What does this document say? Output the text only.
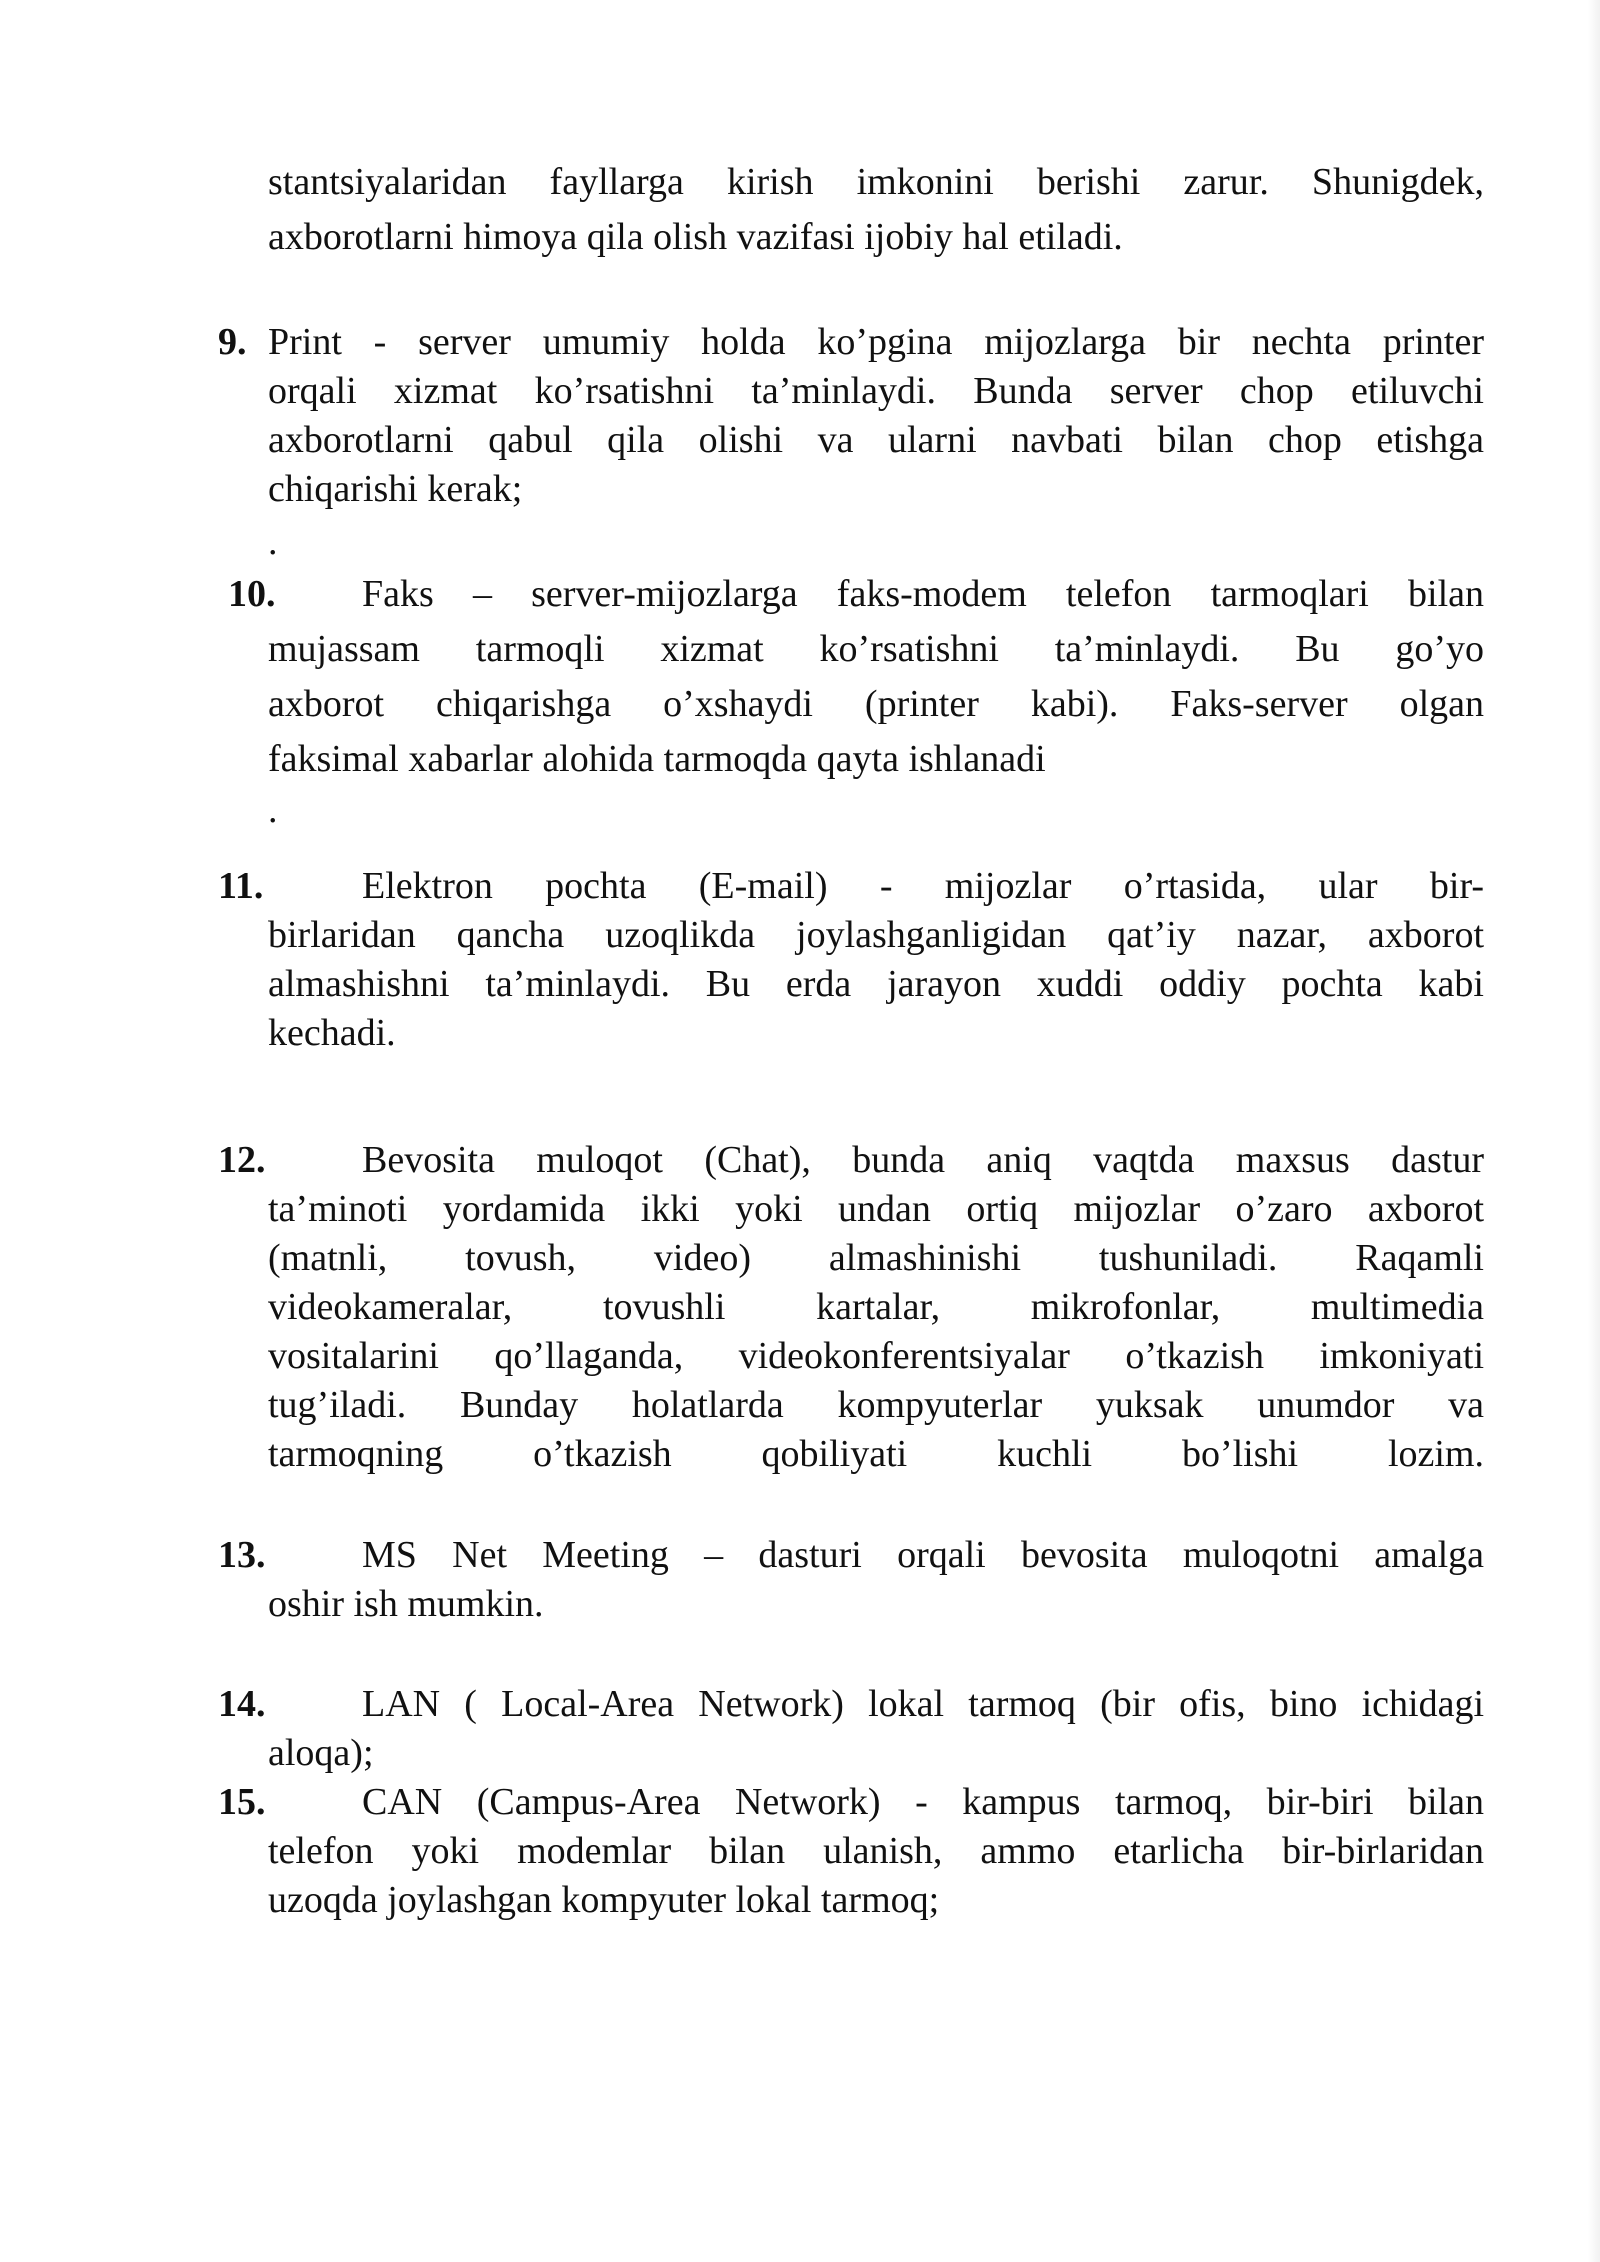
stantsiyalaridan fayllarga kirish imkonini berishi zarur. Shunigdek,
axborotlarni himoya qila olish vazifasi ijobiy hal etiladi.
9. Print - server umumiy holda ko’pgina mijozlarga bir nechta printer
orqali xizmat ko’rsatishni ta’minlaydi. Bunda server chop etiluvchi
axborotlarni qabul qila olishi va ularni navbati bilan chop etishga
chiqarishi kerak;
.
10. Faks – server-mijozlarga faks-modem telefon tarmoqlari bilan
mujassam tarmoqli xizmat ko’rsatishni ta’minlaydi. Bu go’yo
axborot chiqarishga o’xshaydi (printer kabi). Faks-server olgan
faksimal xabarlar alohida tarmoqda qayta ishlanadi
.
11.	Elektron pochta (E-mail) - mijozlar o’rtasida, ular bir-
birlaridan qancha uzoqlikda joylashganligidan qat’iy nazar, axborot
almashishni ta’minlaydi. Bu erda jarayon xuddi oddiy pochta kabi
kechadi.
12.	Bevosita muloqot (Chat), bunda aniq vaqtda maxsus dastur
ta’minoti yordamida ikki yoki undan ortiq mijozlar o’zaro axborot
(matnli, tovush, video) almashinishi tushuniladi. Raqamli
videokameralar, tovushli kartalar, mikrofonlar, multimedia
vositalarini qo’llaganda, videokonferentsiyalar o’tkazish imkoniyati
tug’iladi. Bunday holatlarda kompyuterlar yuksak unumdor va
tarmoqning o’tkazish qobiliyati kuchli bo’lishi lozim.
13.	MS Net Meeting – dasturi orqali bevosita muloqotni amalga
oshir ish mumkin.
14.	LAN ( Local-Area Network) lokal tarmoq (bir ofis, bino ichidagi
aloqa);
15.	CAN (Campus-Area Network) - kampus tarmoq, bir-biri bilan
telefon yoki modemlar bilan ulanish, ammo etarlicha bir-birlaridan
uzoqda joylashgan kompyuter lokal tarmoq;
